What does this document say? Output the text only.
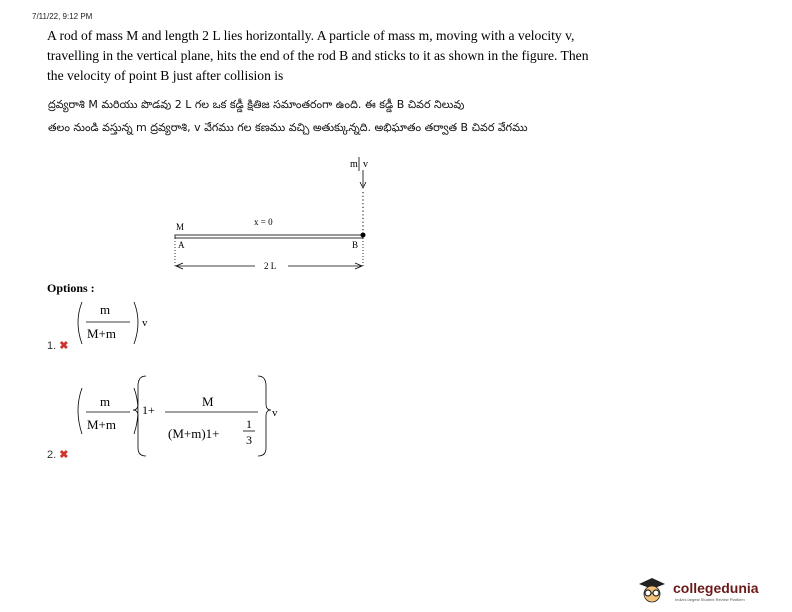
7/11/22, 9:12 PM
A rod of mass M and length 2 L lies horizontally. A particle of mass m, moving with a velocity v, travelling in the vertical plane, hits the end of the rod B and sticks to it as shown in the figure. Then the velocity of point B just after collision is
ద్రవ్యరాశి M మరియు పొడవు 2 L గల ఒక కడ్డీ క్షితిజ సమాంతరంగా ఉంది. ఈ కడ్డీ B చివర నిలువు
తలం నుండి వస్తున్న m ద్రవ్యరాశి, v వేగము గల కణము వచ్చి అతుక్కున్నది. అభిఘాతం తర్వాత B చివర వేగము
m v
M	x = 0
A	B
2 L
Options :
m
M+m
v
1. ✖
m
M+m
1+
M
(M+m)1+
1
3
v
2. ✖
collegedunia
India's largest Student Review Platform
